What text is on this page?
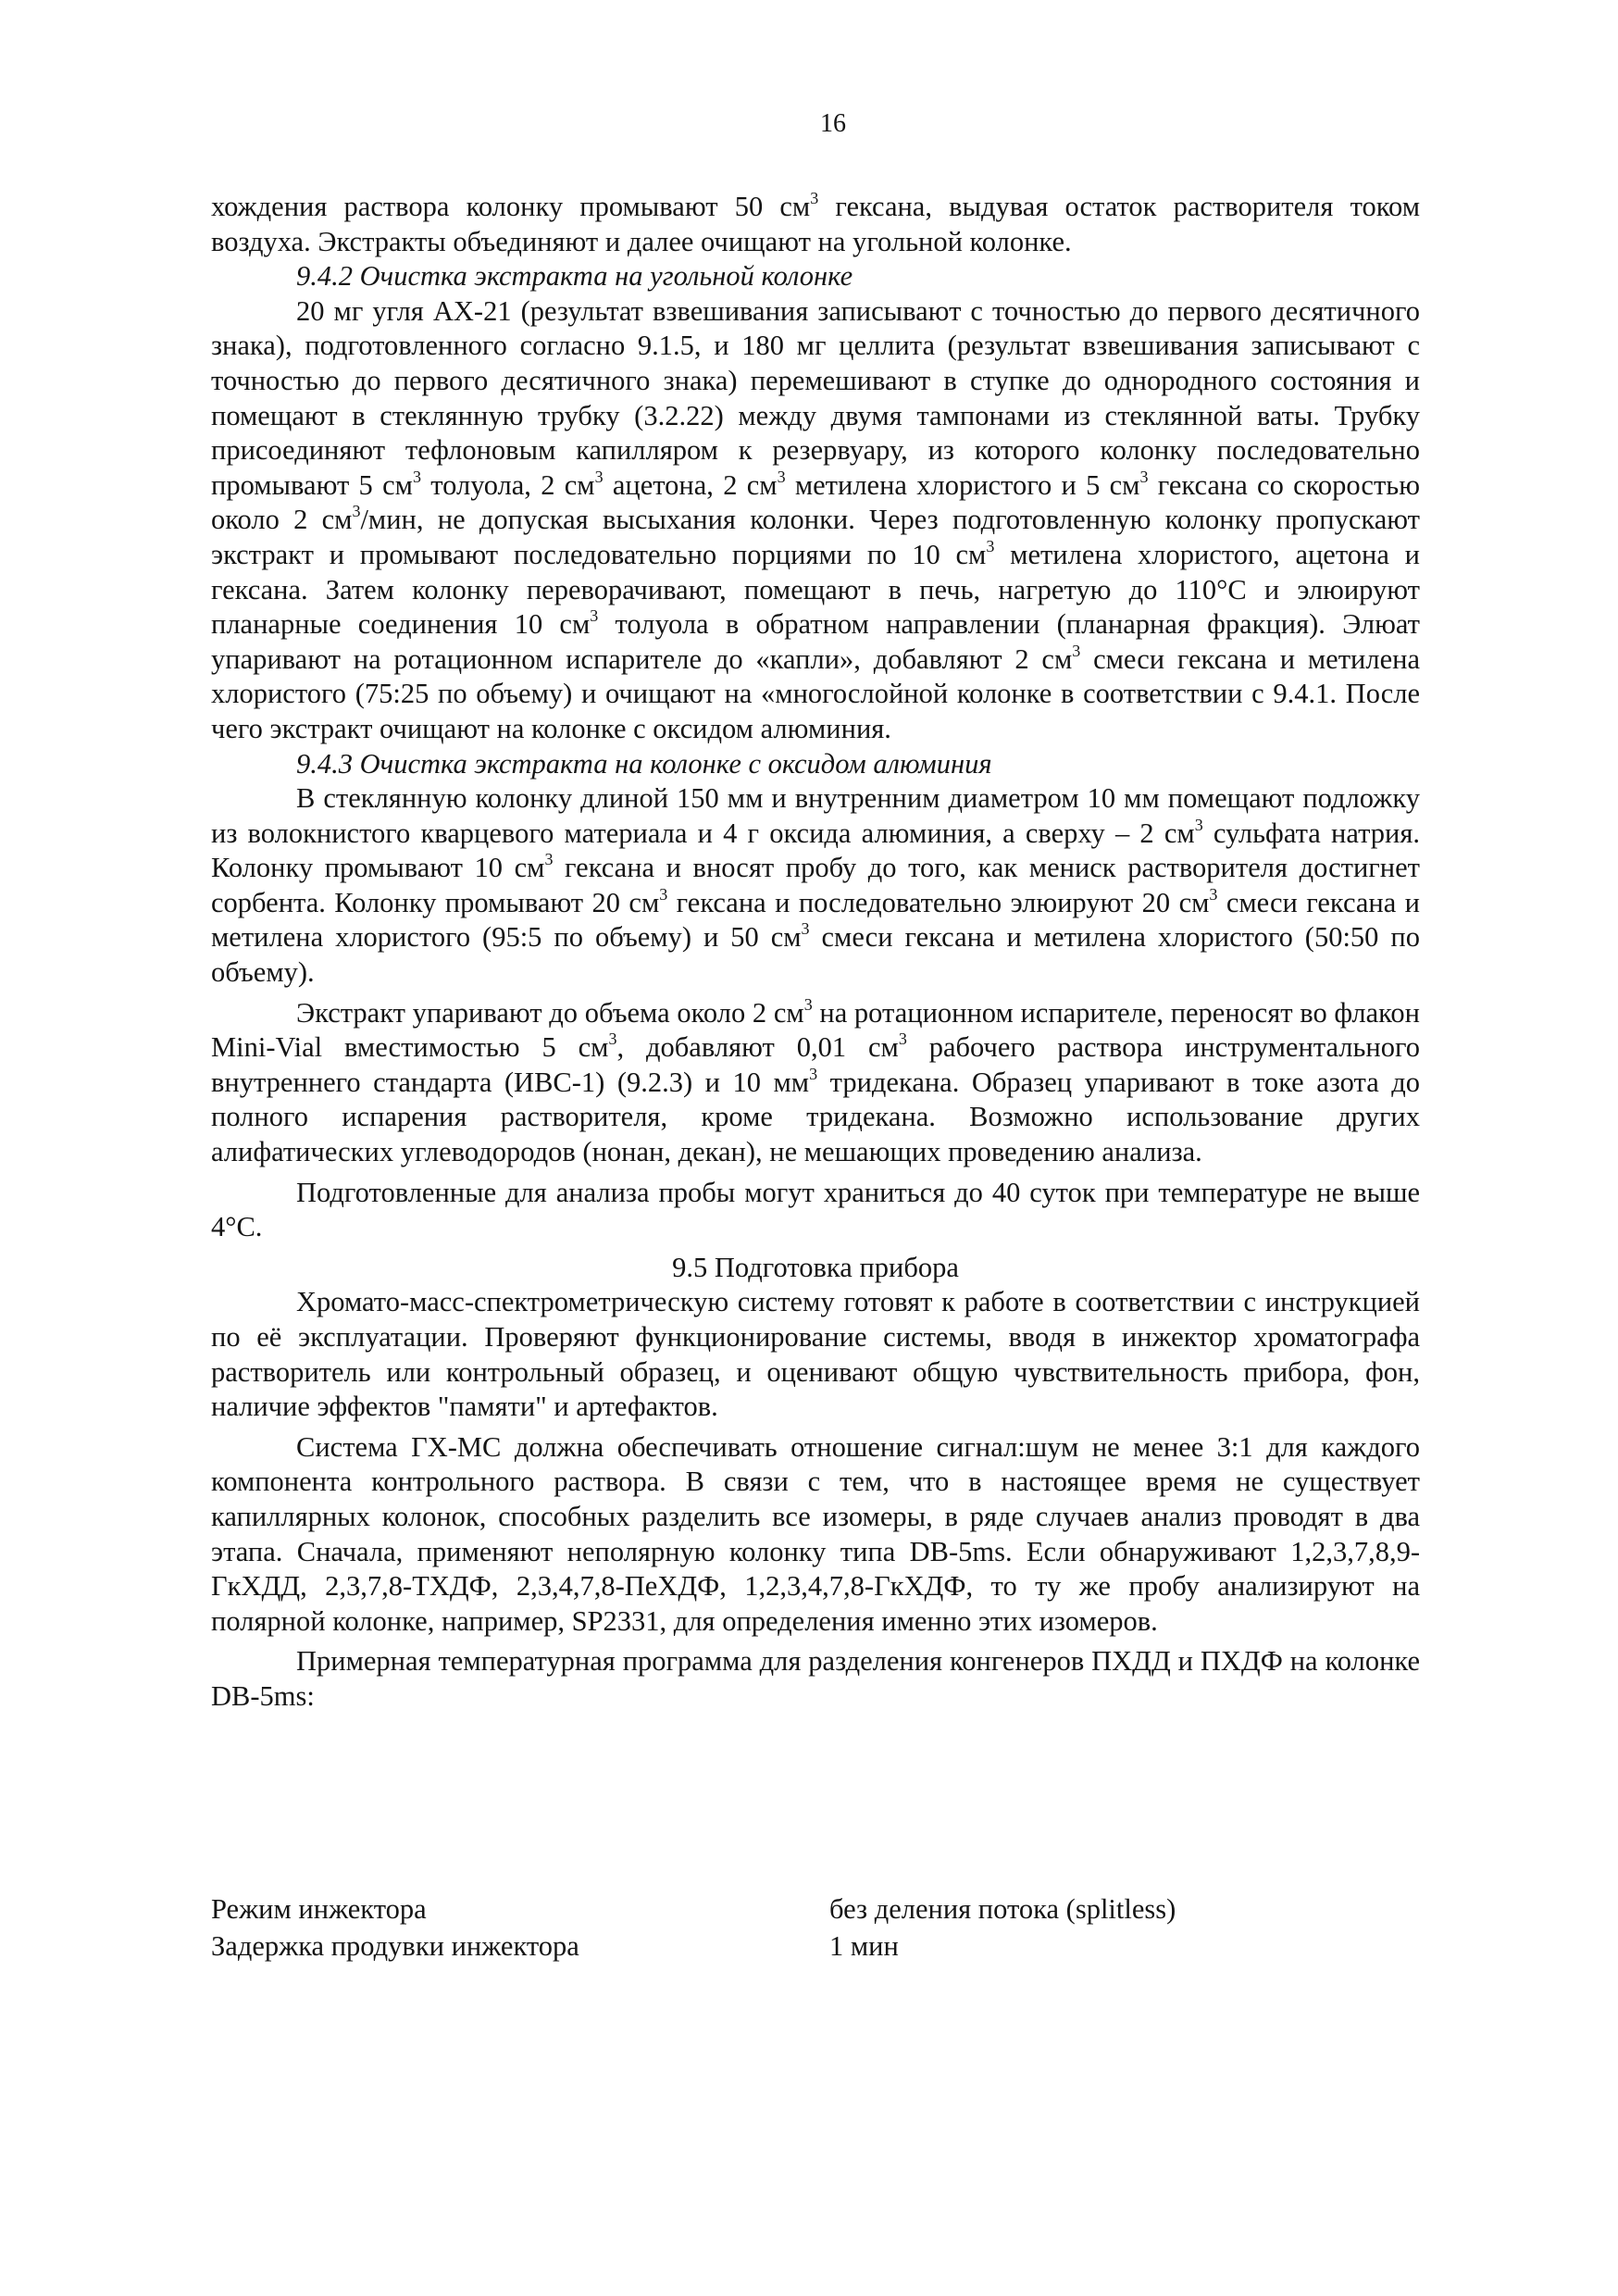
16

хождения раствора колонку промывают 50 $см^3$ гексана, выдувая остаток растворителя током воздуха. Экстракты объединяют и далее очищают на угольной колонке.

9.4.2 Очистка экстракта на угольной колонке

20 мг угля АХ-21 (результат взвешивания записывают с точностью до первого десятичного знака), подготовленного согласно 9.1.5, и 180 мг целлита (результат взвешивания записывают с точностью до первого десятичного знака) перемешивают в ступке до однородного состояния и помещают в стеклянную трубку (3.2.22) между двумя тампонами из стеклянной ваты. Трубку присоединяют тефлоновым капилляром к резервуару, из которого колонку последовательно промывают 5 $см^3$ толуола, 2 $см^3$ ацетона, 2 $см^3$ метилена хлористого и 5 $см^3$ гексана со скоростью около 2 $см^3$/мин, не допуская высыхания колонки. Через подготовленную колонку пропускают экстракт и промывают последовательно порциями по 10 $см^3$ метилена хлористого, ацетона и гексана. Затем колонку переворачивают, помещают в печь, нагретую до 110°С и элюируют планарные соединения 10 $см^3$ толуола в обратном направлении (планарная фракция). Элюат упаривают на ротационном испарителе до «капли», добавляют 2 $см^3$ смеси гексана и метилена хлористого (75:25 по объему) и очищают на «многослойной колонке в соответствии с 9.4.1. После чего экстракт очищают на колонке с оксидом алюминия.

9.4.3 Очистка экстракта на колонке с оксидом алюминия

В стеклянную колонку длиной 150 мм и внутренним диаметром 10 мм помещают подложку из волокнистого кварцевого материала и 4 г оксида алюминия, а сверху – 2 $см^3$ сульфата натрия. Колонку промывают 10 $см^3$ гексана и вносят пробу до того, как мениск растворителя достигнет сорбента. Колонку промывают 20 $см^3$ гексана и последовательно элюируют 20 $см^3$ смеси гексана и метилена хлористого (95:5 по объему) и 50 $см^3$ смеси гексана и метилена хлористого (50:50 по объему).

Экстракт упаривают до объема около 2 $см^3$ на ротационном испарителе, переносят во флакон Mini-Vial вместимостью 5 $см^3$, добавляют 0,01 $см^3$ рабочего раствора инструментального внутреннего стандарта (ИВС-1) (9.2.3) и 10 $мм^3$ тридекана. Образец упаривают в токе азота до полного испарения растворителя, кроме тридекана. Возможно использование других алифатических углеводородов (нонан, декан), не мешающих проведению анализа.

Подготовленные для анализа пробы могут храниться до 40 суток при температуре не выше 4°С.

9.5 Подготовка прибора

Хромато-масс-спектрометрическую систему готовят к работе в соответствии с инструкцией по её эксплуатации. Проверяют функционирование системы, вводя в инжектор хроматографа растворитель или контрольный образец, и оценивают общую чувствительность прибора, фон, наличие эффектов "памяти" и артефактов.

Система ГХ-МС должна обеспечивать отношение сигнал:шум не менее 3:1 для каждого компонента контрольного раствора. В связи с тем, что в настоящее время не существует капиллярных колонок, способных разделить все изомеры, в ряде случаев анализ проводят в два этапа. Сначала, применяют неполярную колонку типа DB-5ms. Если обнаруживают 1,2,3,7,8,9-ГкХДД, 2,3,7,8-ТХДФ, 2,3,4,7,8-ПеХДФ, 1,2,3,4,7,8-ГкХДФ, то ту же пробу анализируют на полярной колонке, например, SP2331, для определения именно этих изомеров.

Примерная температурная программа для разделения конгенеров ПХДД и ПХДФ на колонке DB-5ms:

Режим инжектора	без деления потока (splitless)
Задержка продувки инжектора	1 мин
